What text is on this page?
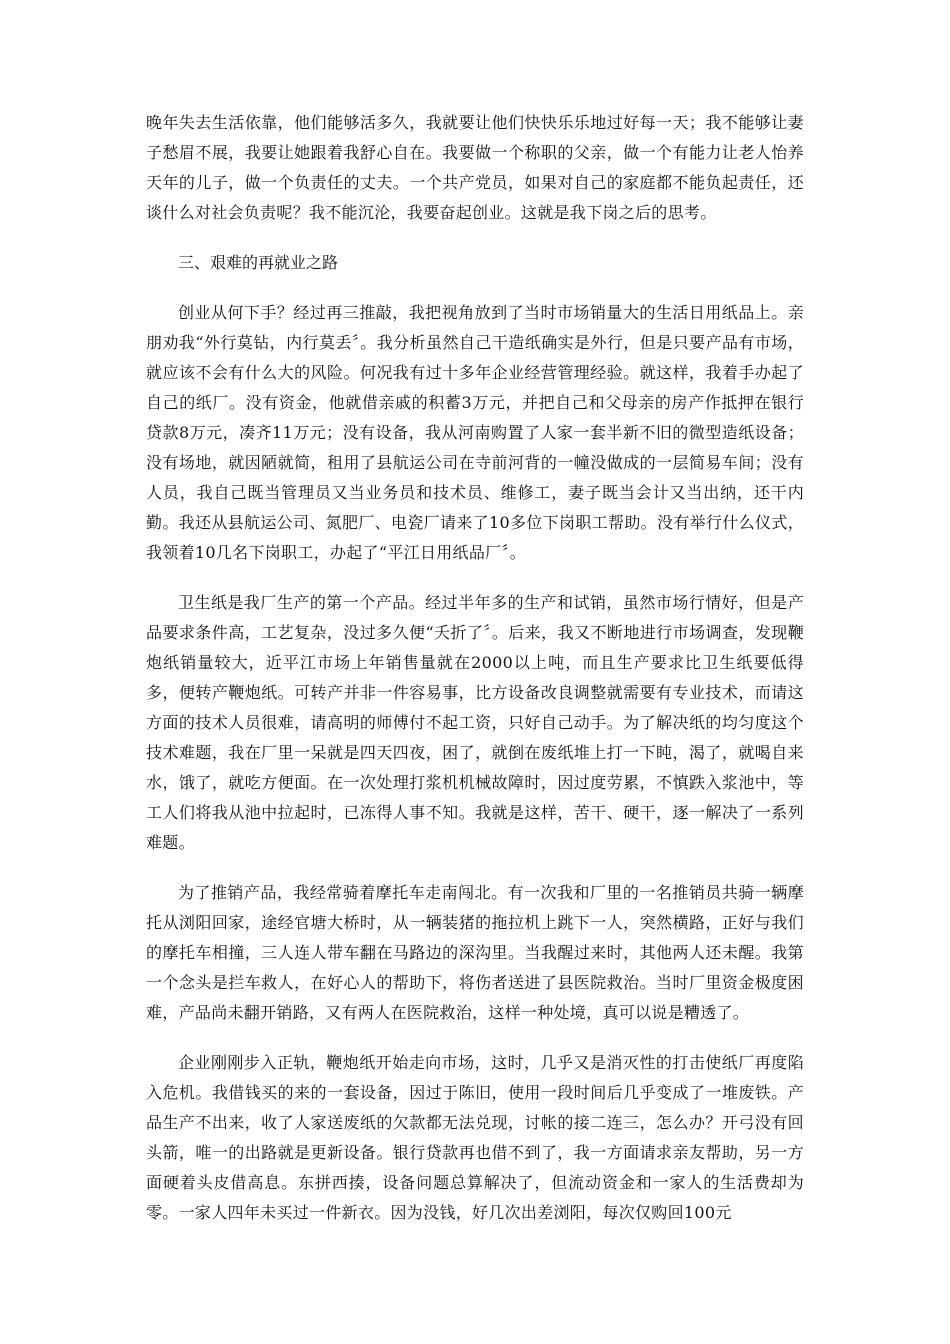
晚年失去生活依靠，他们能够活多久，我就要让他们快快乐乐地过好每一天；我不能够让妻子愁眉不展，我要让她跟着我舒心自在。我要做一个称职的父亲，做一个有能力让老人怡养天年的儿子，做一个负责任的丈夫。一个共产党员，如果对自己的家庭都不能负起责任，还谈什么对社会负责呢？我不能沉沦，我要奋起创业。这就是我下岗之后的思考。

三、艰难的再就业之路

创业从何下手？经过再三推敲，我把视角放到了当时市场销量大的生活日用纸品上。亲朋劝我“外行莫钻，内行莫丢〞。我分析虽然自己干造纸确实是外行，但是只要产品有市场，就应该不会有什么大的风险。何况我有过十多年企业经营管理经验。就这样，我着手办起了自己的纸厂。没有资金，他就借亲戚的积蓄3万元，并把自己和父母亲的房产作抵押在银行贷款8万元，凑齐11万元；没有设备，我从河南购置了人家一套半新不旧的微型造纸设备；没有场地，就因陋就简，租用了县航运公司在寺前河背的一幢没做成的一层简易车间；没有人员，我自己既当管理员又当业务员和技术员、维修工，妻子既当会计又当出纳，还干内勤。我还从县航运公司、氮肥厂、电瓷厂请来了10多位下岗职工帮助。没有举行什么仪式，我领着10几名下岗职工，办起了“平江日用纸品厂〞。

卫生纸是我厂生产的第一个产品。经过半年多的生产和试销，虽然市场行情好，但是产品要求条件高，工艺复杂，没过多久便“夭折了〞。后来，我又不断地进行市场调查，发现鞭炮纸销量较大，近平江市场上年销售量就在2000以上吨，而且生产要求比卫生纸要低得多，便转产鞭炮纸。可转产并非一件容易事，比方设备改良调整就需要有专业技术，而请这方面的技术人员很难，请高明的师傅付不起工资，只好自己动手。为了解决纸的均匀度这个技术难题，我在厂里一呆就是四天四夜，困了，就倒在废纸堆上打一下盹，渴了，就喝自来水，饿了，就吃方便面。在一次处理打浆机机械故障时，因过度劳累，不慎跌入浆池中，等工人们将我从池中拉起时，已冻得人事不知。我就是这样，苦干、硬干，逐一解决了一系列难题。

为了推销产品，我经常骑着摩托车走南闯北。有一次我和厂里的一名推销员共骑一辆摩托从浏阳回家，途经官塘大桥时，从一辆装猪的拖拉机上跳下一人，突然横路，正好与我们的摩托车相撞，三人连人带车翻在马路边的深沟里。当我醒过来时，其他两人还未醒。我第一个念头是拦车救人，在好心人的帮助下，将伤者送进了县医院救治。当时厂里资金极度困难，产品尚未翻开销路，又有两人在医院救治，这样一种处境，真可以说是糟透了。

企业刚刚步入正轨，鞭炮纸开始走向市场，这时，几乎又是消灭性的打击使纸厂再度陷入危机。我借钱买的来的一套设备，因过于陈旧，使用一段时间后几乎变成了一堆废铁。产品生产不出来，收了人家送废纸的欠款都无法兑现，讨帐的接二连三，怎么办？开弓没有回头箭，唯一的出路就是更新设备。银行贷款再也借不到了，我一方面请求亲友帮助，另一方面硬着头皮借高息。东拼西揍，设备问题总算解决了，但流动资金和一家人的生活费却为零。一家人四年未买过一件新衣。因为没钱，好几次出差浏阳，每次仅购回100元
